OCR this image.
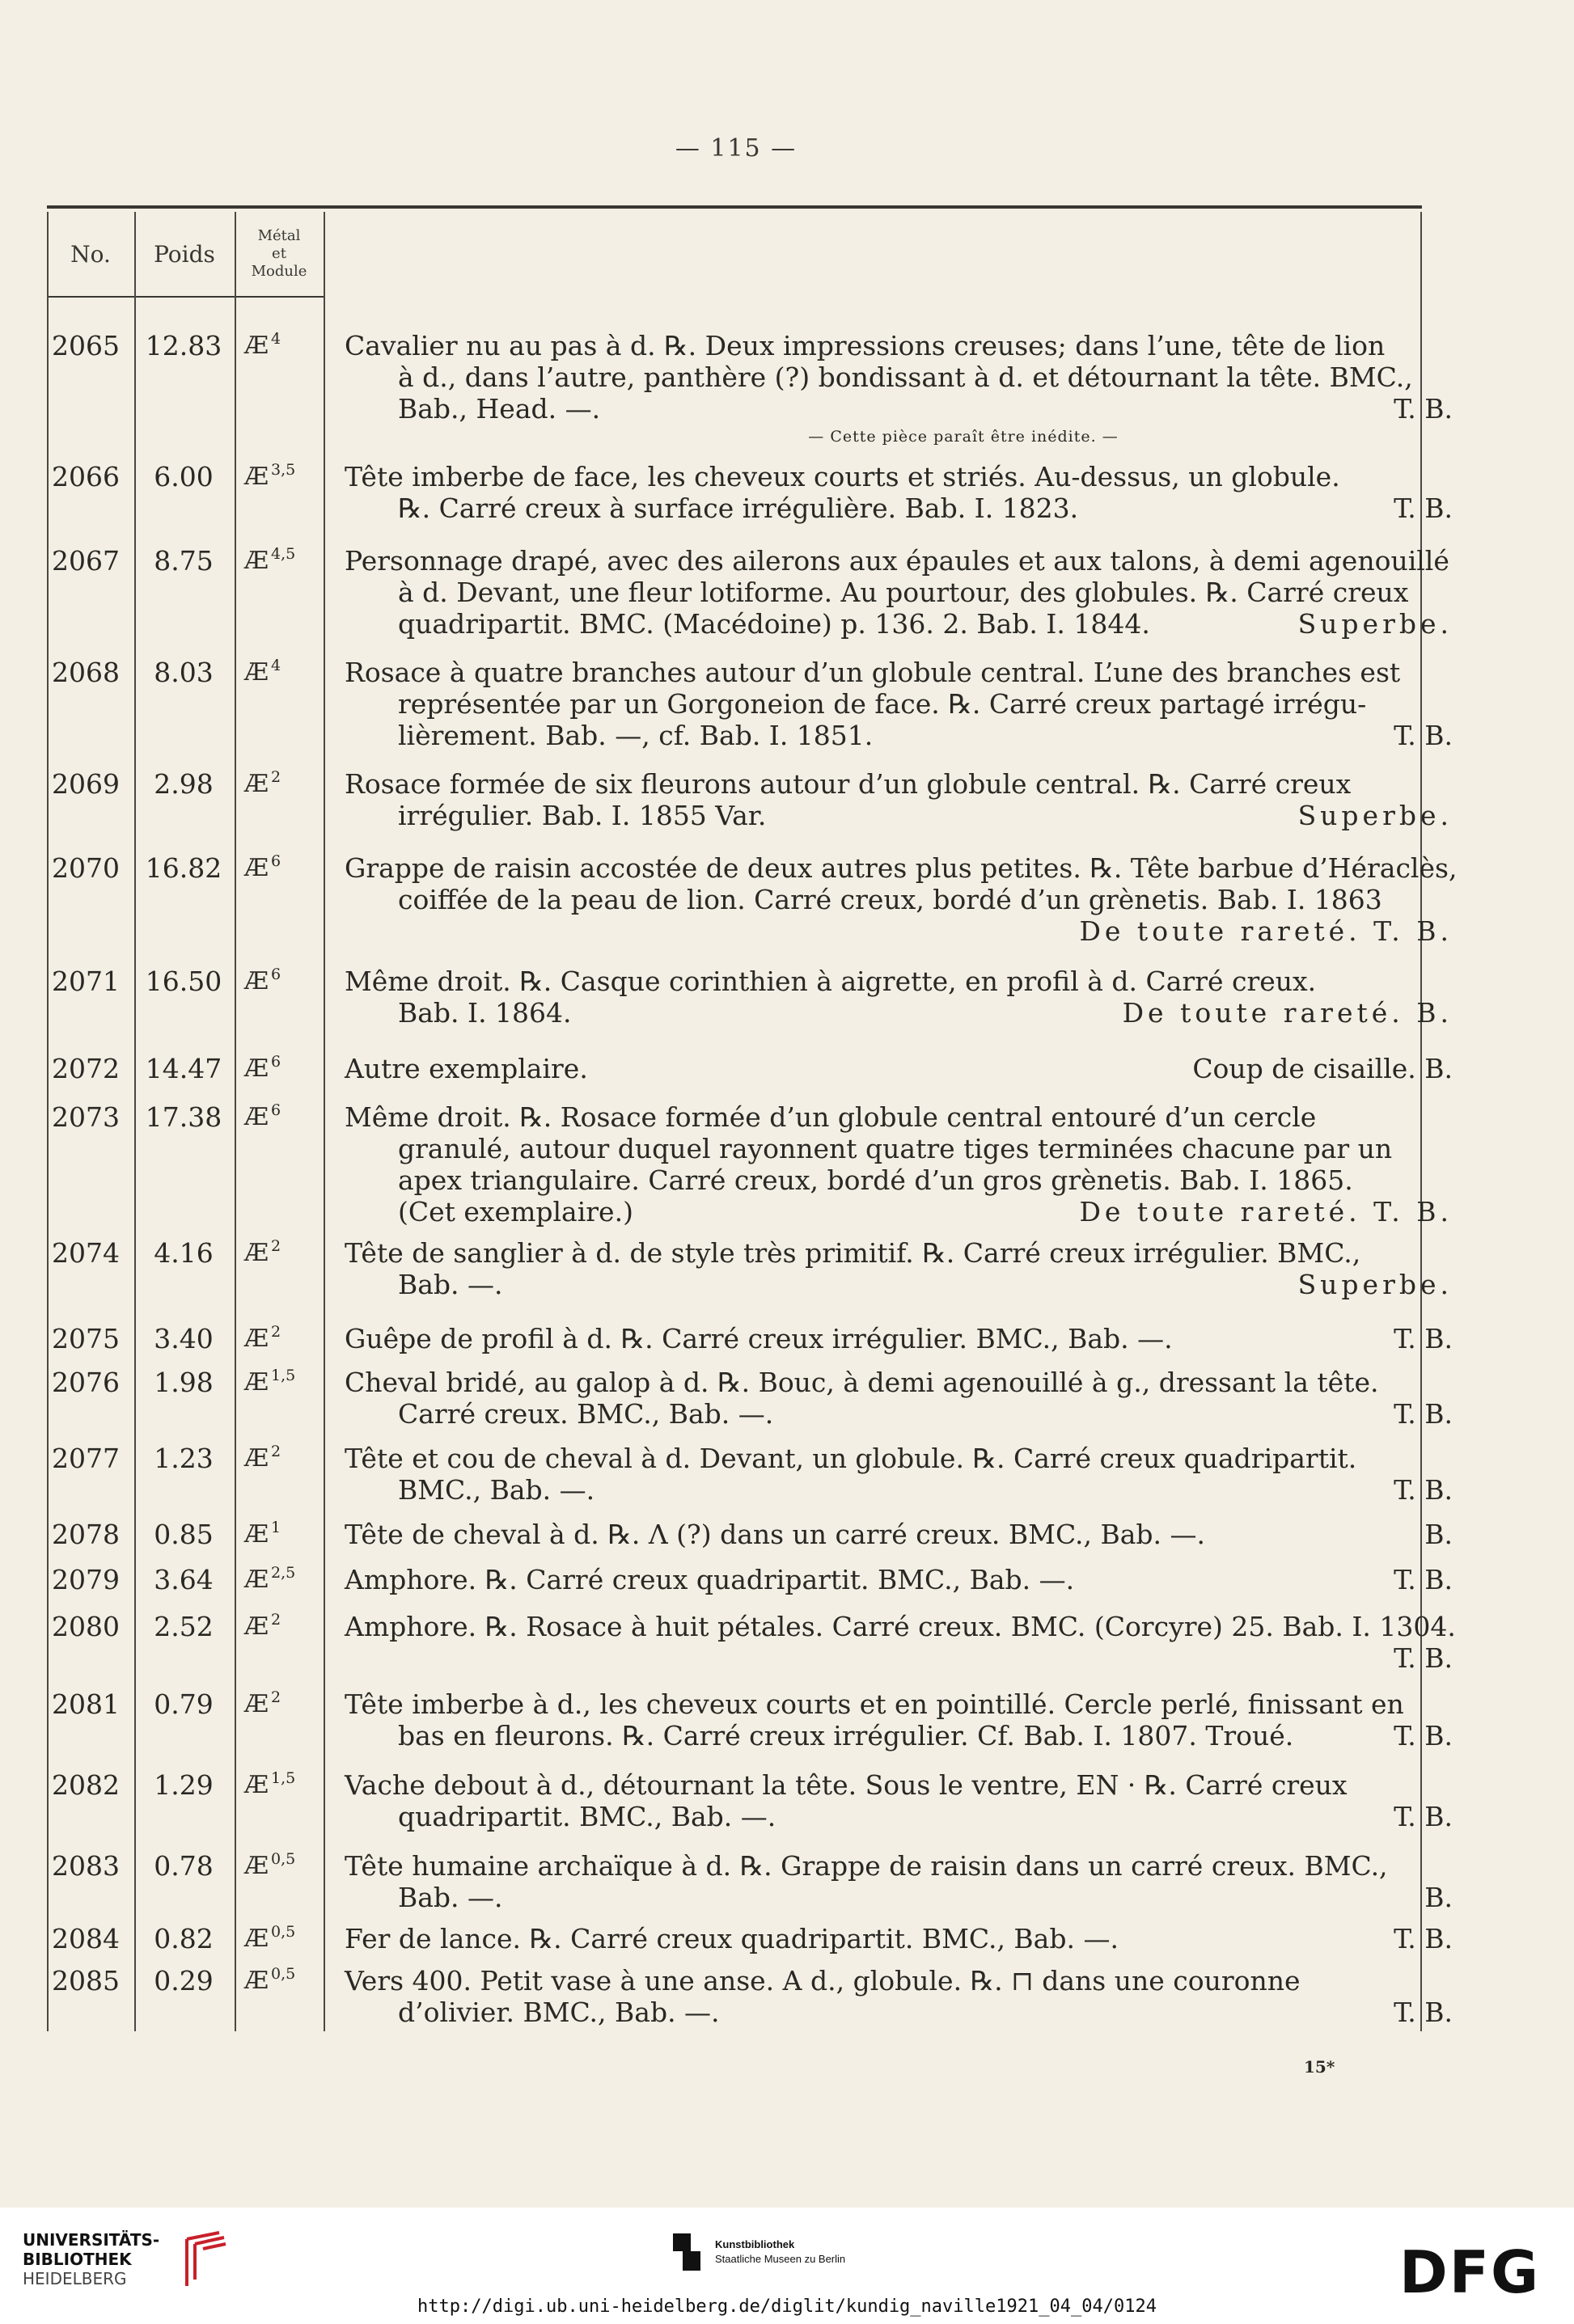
— 115 —
No.	Poids
Métal
et
Module
2065 12.83 Æ $^4$	Cavalier nu au pas à d. ℞. Deux impressions creuses; dans l’une, tête de lion
à d., dans l’autre, panthère (?) bondissant à d. et détournant la tête. BMC.,
Bab., Head. —.	T. B.
— Cette pièce paraît être inédite. —
2066	6.00	Æ $^{3,5}$	Tête imberbe de face, les cheveux courts et striés. Au-dessus, un globule.
℞. Carré creux à surface irrégulière. Bab. I. 1823.	T. B.
2067	8.75	Æ $^{4,5}$	Personnage drapé, avec des ailerons aux épaules et aux talons, à demi agenouillé
à d. Devant, une fleur lotiforme. Au pourtour, des globules. ℞. Carré creux
quadripartit. BMC. (Macédoine) p. 136. 2. Bab. I. 1844.	Superbe.
2068	8.03	Æ $^4$	Rosace à quatre branches autour d’un globule central. L’une des branches est
représentée par un Gorgoneion de face. ℞. Carré creux partagé irrégu-
lièrement. Bab. —, cf. Bab. I. 1851.	T. B.
2069	2.98	Æ $^2$	Rosace formée de six fleurons autour d’un globule central. ℞. Carré creux
irrégulier. Bab. I. 1855 Var.	Superbe.
2070 16.82 Æ $^6$	Grappe de raisin accostée de deux autres plus petites. ℞. Tête barbue d’Héraclès,
coiffée de la peau de lion. Carré creux, bordé d’un grènetis. Bab. I. 1863
De toute rareté. T. B.
2071 16.50 Æ $^6$	Même droit. ℞. Casque corinthien à aigrette, en profil à d. Carré creux.
Bab. I. 1864.	De toute rareté. B.
2072 14.47 Æ $^6$	Autre exemplaire.	Coup de cisaille. B.
2073 17.38 Æ $^6$	Même droit. ℞. Rosace formée d’un globule central entouré d’un cercle
granulé, autour duquel rayonnent quatre tiges terminées chacune par un
apex triangulaire. Carré creux, bordé d’un gros grènetis. Bab. I. 1865.
(Cet exemplaire.)	De toute rareté. T. B.
2074	4.16	Æ $^2$	Tête de sanglier à d. de style très primitif. ℞. Carré creux irrégulier. BMC.,
Bab. —.	Superbe.
2075	3.40	Æ $^2$	Guêpe de profil à d. ℞. Carré creux irrégulier. BMC., Bab. —.	T. B.
2076	1.98	Æ $^{1,5}$	Cheval bridé, au galop à d. ℞. Bouc, à demi agenouillé à g., dressant la tête.
Carré creux. BMC., Bab. —.	T. B.
2077	1.23	Æ $^2$	Tête et cou de cheval à d. Devant, un globule. ℞. Carré creux quadripartit.
BMC., Bab. —.	T. B.
2078	0.85	Æ $^1$	Tête de cheval à d. ℞. Λ (?) dans un carré creux. BMC., Bab. —.	B.
2079	3.64	Æ $^{2,5}$	Amphore. ℞. Carré creux quadripartit. BMC., Bab. —.	T. B.
2080	2.52	Æ $^2$	Amphore. ℞. Rosace à huit pétales. Carré creux. BMC. (Corcyre) 25. Bab. I. 1304.
T. B.
2081	0.79	Æ $^2$	Tête imberbe à d., les cheveux courts et en pointillé. Cercle perlé, finissant en
bas en fleurons. ℞. Carré creux irrégulier. Cf. Bab. I. 1807. Troué.	T. B.
2082	1.29	Æ $^{1,5}$	Vache debout à d., détournant la tête. Sous le ventre, EN · ℞. Carré creux
quadripartit. BMC., Bab. —.	T. B.
2083	0.78	Æ $^{0,5}$	Tête humaine archaïque à d. ℞. Grappe de raisin dans un carré creux. BMC.,
Bab. —.	B.
2084	0.82	Æ $^{0,5}$	Fer de lance. ℞. Carré creux quadripartit. BMC., Bab. —.	T. B.
2085	0.29	Æ $^{0,5}$	Vers 400. Petit vase à une anse. A d., globule. ℞. ⊓ dans une couronne
d’olivier. BMC., Bab. —.	T. B.
15*
UNIVERSITÄTS-
BIBLIOTHEK
HEIDELBERG
Kunstbibliothek
Staatliche Museen zu Berlin	DFG
http://digi.ub.uni-heidelberg.de/diglit/kundig_naville1921_04_04/0124
